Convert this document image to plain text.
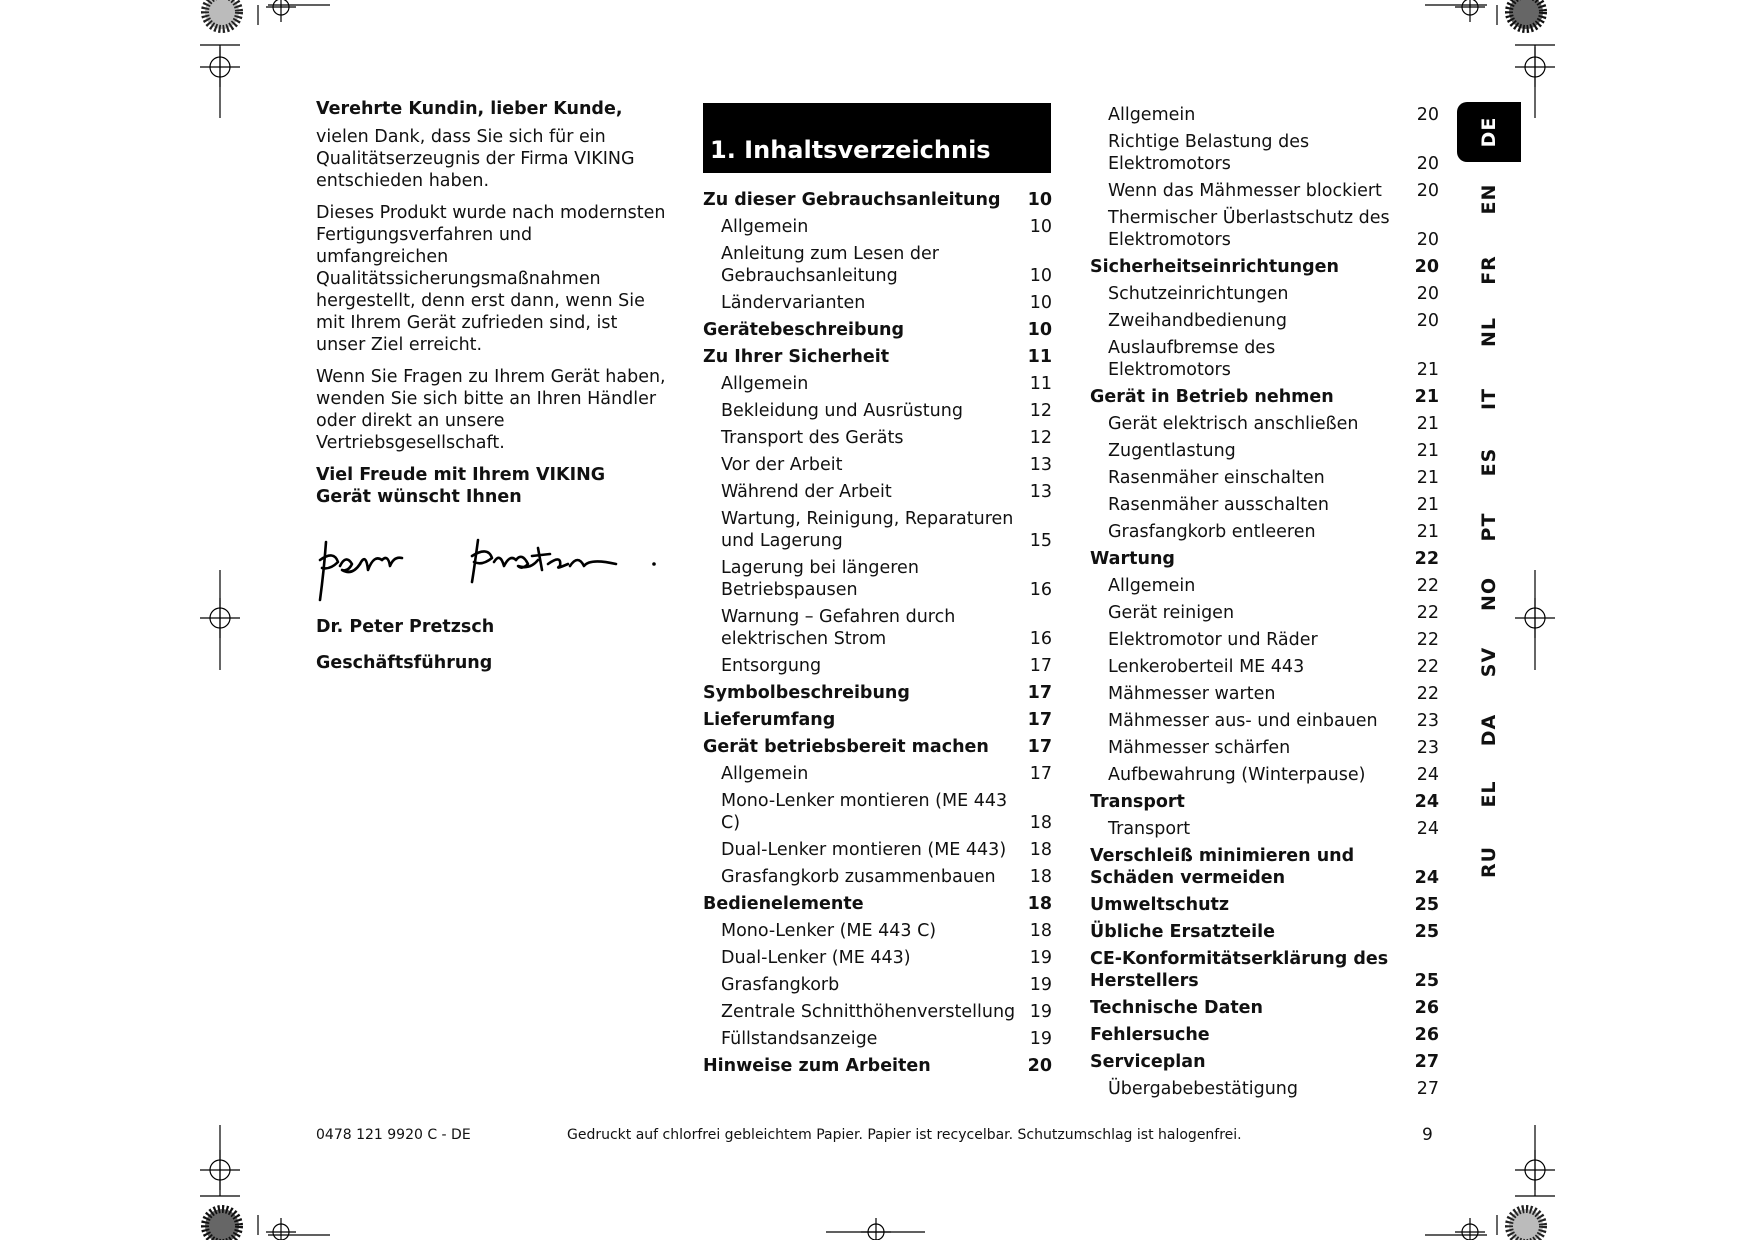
Verehrte Kundin, lieber Kunde,

vielen Dank, dass Sie sich für ein Qualitätserzeugnis der Firma VIKING entschieden haben.

Dieses Produkt wurde nach modernsten Fertigungsverfahren und umfangreichen Qualitätssicherungsmaßnahmen hergestellt, denn erst dann, wenn Sie mit Ihrem Gerät zufrieden sind, ist unser Ziel erreicht.

Wenn Sie Fragen zu Ihrem Gerät haben, wenden Sie sich bitte an Ihren Händler oder direkt an unsere Vertriebsgesellschaft.

Viel Freude mit Ihrem VIKING Gerät wünscht Ihnen

Peter Pretzsch
Dr. Peter Pretzsch
Geschäftsführung
1. Inhaltsverzeichnis
Zu dieser Gebrauchsanleitung	10
Allgemein	10
Anleitung zum Lesen der Gebrauchsanleitung	10
Ländervarianten	10
Gerätebeschreibung	10
Zu Ihrer Sicherheit	11
Allgemein	11
Bekleidung und Ausrüstung	12
Transport des Geräts	12
Vor der Arbeit	13
Während der Arbeit	13
Wartung, Reinigung, Reparaturen und Lagerung	15
Lagerung bei längeren Betriebspausen	16
Warnung – Gefahren durch elektrischen Strom	16
Entsorgung	17
Symbolbeschreibung	17
Lieferumfang	17
Gerät betriebsbereit machen	17
Allgemein	17
Mono-Lenker montieren (ME 443 C)	18
Dual-Lenker montieren (ME 443)	18
Grasfangkorb zusammenbauen	18
Bedienelemente	18
Mono-Lenker (ME 443 C)	18
Dual-Lenker (ME 443)	19
Grasfangkorb	19
Zentrale Schnitthöhenverstellung 19
Füllstandsanzeige	19
Hinweise zum Arbeiten	20
Allgemein	20
Richtige Belastung des Elektromotors	20
Wenn das Mähmesser blockiert	20
Thermischer Überlastschutz des Elektromotors	20
Sicherheitseinrichtungen	20
Schutzeinrichtungen	20
Zweihandbedienung	20
Auslaufbremse des Elektromotors	21
Gerät in Betrieb nehmen	21
Gerät elektrisch anschließen	21
Zugentlastung	21
Rasenmäher einschalten	21
Rasenmäher ausschalten	21
Grasfangkorb entleeren	21
Wartung	22
Allgemein	22
Gerät reinigen	22
Elektromotor und Räder	22
Lenkeroberteil ME 443	22
Mähmesser warten	22
Mähmesser aus- und einbauen	23
Mähmesser schärfen	23
Aufbewahrung (Winterpause)	24
Transport	24
Transport	24
Verschleiß minimieren und Schäden vermeiden	24
Umweltschutz	25
Übliche Ersatzteile	25
CE-Konformitätserklärung des Herstellers	25
Technische Daten	26
Fehlersuche	26
Serviceplan	27
Übergabebestätigung	27
DE
EN
FR
NL
IT
ES
PT
NO
SV
DA
EL
RU
0478 121 9920 C - DE	Gedruckt auf chlorfrei gebleichtem Papier. Papier ist recycelbar. Schutzumschlag ist halogenfrei.	9
